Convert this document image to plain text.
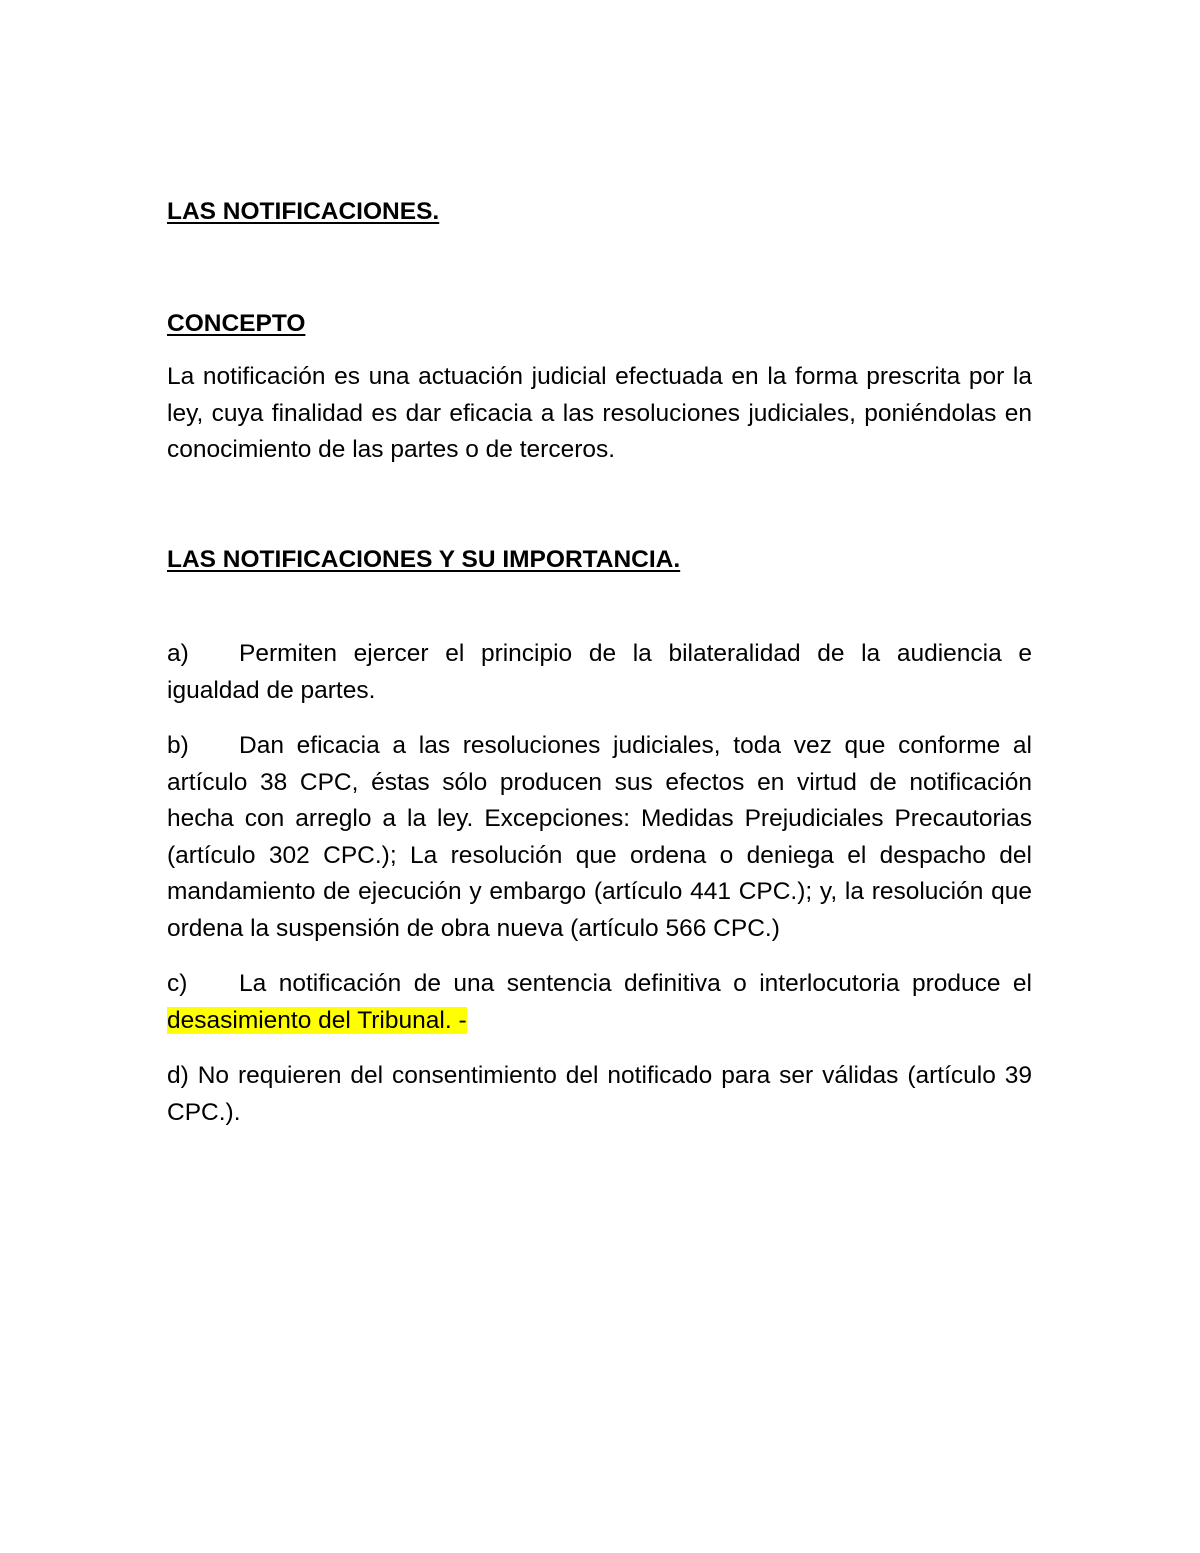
LAS NOTIFICACIONES.

CONCEPTO

La notificación es una actuación judicial efectuada en la forma prescrita por la ley, cuya finalidad es dar eficacia a las resoluciones judiciales, poniéndolas en conocimiento de las partes o de terceros.

LAS NOTIFICACIONES Y SU IMPORTANCIA.

a) Permiten ejercer el principio de la bilateralidad de la audiencia e igualdad de partes.

b) Dan eficacia a las resoluciones judiciales, toda vez que conforme al artículo 38 CPC, éstas sólo producen sus efectos en virtud de notificación hecha con arreglo a la ley. Excepciones: Medidas Prejudiciales Precautorias (artículo 302 CPC.); La resolución que ordena o deniega el despacho del mandamiento de ejecución y embargo (artículo 441 CPC.); y, la resolución que ordena la suspensión de obra nueva (artículo 566 CPC.)

c) La notificación de una sentencia definitiva o interlocutoria produce el desasimiento del Tribunal. -

d) No requieren del consentimiento del notificado para ser válidas (artículo 39 CPC.).
